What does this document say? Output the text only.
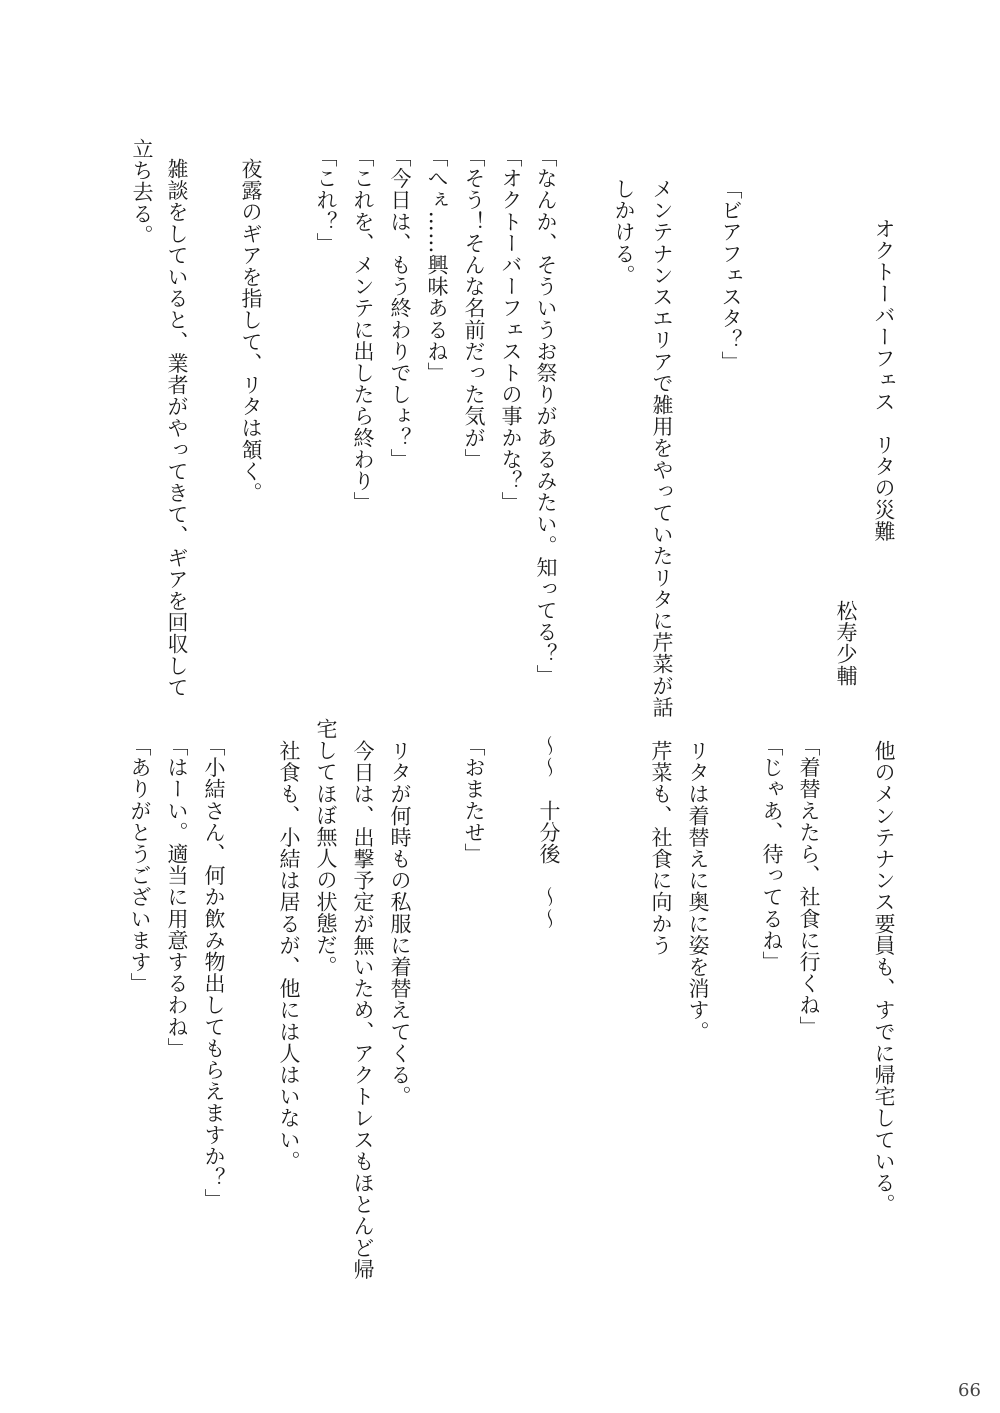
オクトーバーフェス　リタの災難
松寿少輔
「ビアフェスタ？」
メンテナンスエリアで雑用をやっていたリタに芹菜が話
しかける。
「なんか、そういうお祭りがあるみたい。知ってる？」
「オクトーバーフェストの事かな？」
「そう！そんな名前だった気が」
「へぇ……興味あるね」
「今日は、もう終わりでしょ？」
「これを、メンテに出したら終わり」
「これ？」
夜露のギアを指して、リタは頷く。
雑談をしていると、業者がやってきて、ギアを回収して
立ち去る。
他のメンテナンス要員も、すでに帰宅している。
「着替えたら、社食に行くね」
「じゃあ、待ってるね」
リタは着替えに奥に姿を消す。
芹菜も、社食に向かう
〜〜　十分後　〜〜
「おまたせ」
リタが何時もの私服に着替えてくる。
今日は、出撃予定が無いため、アクトレスもほとんど帰
宅してほぼ無人の状態だ。
社食も、小結は居るが、他には人はいない。
「小結さん、何か飲み物出してもらえますか？」
「はーい。適当に用意するわね」
「ありがとうございます」
66
